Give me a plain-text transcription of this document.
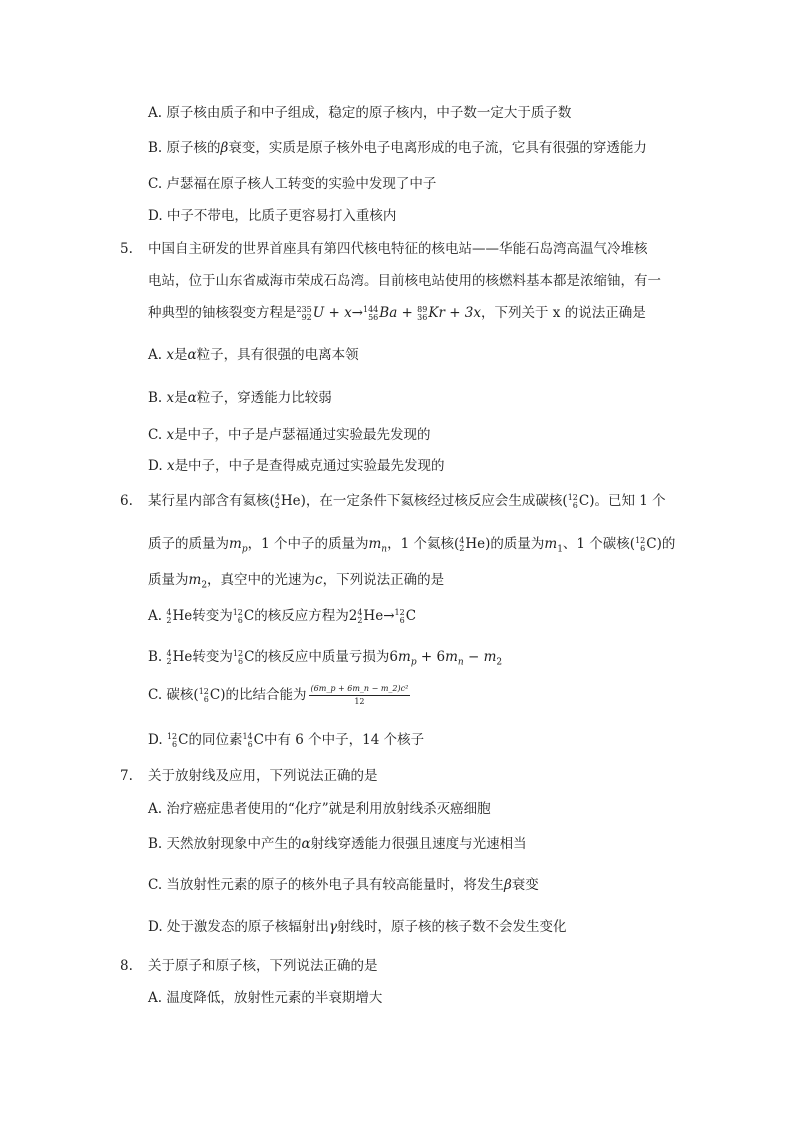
A. 原子核由质子和中子组成，稳定的原子核内，中子数一定大于质子数
B. 原子核的β衰变，实质是原子核外电子电离形成的电子流，它具有很强的穿透能力
C. 卢瑟福在原子核人工转变的实验中发现了中子
D. 中子不带电，比质子更容易打入重核内
5. 中国自主研发的世界首座具有第四代核电特征的核电站——华能石岛湾高温气冷堆核
电站，位于山东省威海市荣成石岛湾。目前核电站使用的核燃料基本都是浓缩铀，有一
种典型的铀核裂变方程是235
92U + x→144
56Ba + 89
36Kr + 3x，下列关于 x 的说法正确是
A. x是α粒子，具有很强的电离本领
B. x是α粒子，穿透能力比较弱
C. x是中子，中子是卢瑟福通过实验最先发现的
D. x是中子，中子是查得威克通过实验最先发现的
6. 某行星内部含有氦核(4
2He)，在一定条件下氦核经过核反应会生成碳核(12
6C)。已知 1 个
质子的质量为$m_p$，1 个中子的质量为$m_n$，1 个氦核(4
2He)的质量为$m_1$、1 个碳核(12
6C)的
质量为$m_2$，真空中的光速为c，下列说法正确的是
A. 4
2He转变为12
6C的核反应方程为24
2He→12
6C
B. 4
2He转变为12
6C的核反应中质量亏损为$6m_p + 6m_n - m_2$
C. 碳核(12
6C)的比结合能为 $\frac{\text{(6m\_p + 6m\_n − m\_2)c²}}{12}$
D. 12
6C的同位素14
6C中有 6 个中子，14 个核子
7. 关于放射线及应用，下列说法正确的是
A. 治疗癌症患者使用的“化疗”就是利用放射线杀灭癌细胞
B. 天然放射现象中产生的α射线穿透能力很强且速度与光速相当
C. 当放射性元素的原子的核外电子具有较高能量时，将发生β衰变
D. 处于激发态的原子核辐射出γ射线时，原子核的核子数不会发生变化
8. 关于原子和原子核，下列说法正确的是
A. 温度降低，放射性元素的半衰期增大
